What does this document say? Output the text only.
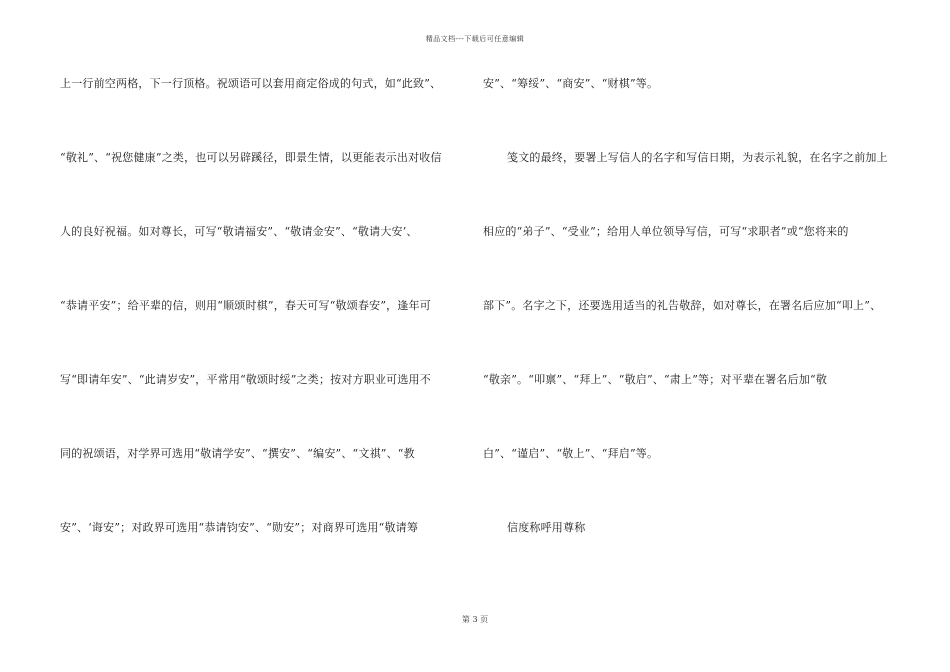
精品文档---下载后可任意编辑
上一行前空两格，下一行顶格。祝颂语可以套用商定俗成的句式，如“此致”、
“敬礼”、“祝您健康”之类，也可以另辟蹊径，即景生情，以更能表示出对收信
人的良好祝福。如对尊长，可写“敬请福安”、“敬请金安”、“敬请大安’、
“恭请平安”；给平辈的信，则用“顺颂时棋”，春天可写“敬颂春安”，逢年可
写“即请年安”、“此请岁安”，平常用“敬颂时绥”之类；按对方职业可选用不
同的祝颂语，对学界可选用“敬请学安”、“撰安”、“编安”、“文祺”、“教
安”、‘诲安”；对政界可选用“恭请钧安”、“勋安”；对商界可选用“敬请筹
安”、“筹绥”、“商安”、“财棋”等。
笺文的最终，要署上写信人的名字和写信日期，为表示礼貌，在名字之前加上
相应的“弟子”、“受业”；给用人单位领导写信，可写“求职者”或“您将来的
部下”。名字之下，还要选用适当的礼告敬辞，如对尊长，在署名后应加“叩上”、
“敬亲”。“叩禀”、“拜上”、“敬启”、“肃上”等；对平辈在署名后加“敬
白”、“谨启”、“敬上”、“拜启”等。
信度称呼用尊称
第 3 页
